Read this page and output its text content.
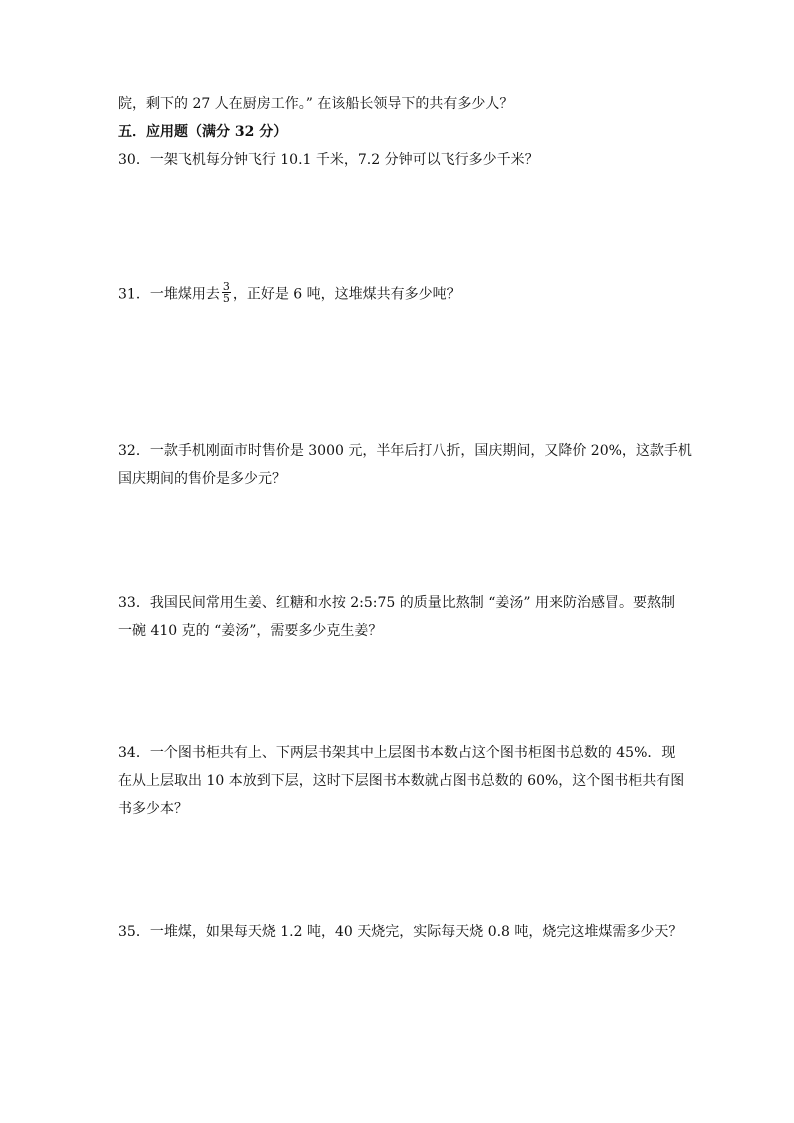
院，剩下的 27 人在厨房工作。” 在该船长领导下的共有多少人？
五．应用题（满分 32 分）
30．一架飞机每分钟飞行 10.1 千米，7.2 分钟可以飞行多少千米？
31．一堆煤用去 $\frac{3}{5}$ ，正好是 6 吨，这堆煤共有多少吨？
32．一款手机刚面市时售价是 3000 元，半年后打八折，国庆期间，又降价 20%，这款手机
国庆期间的售价是多少元？
33．我国民间常用生姜、红糖和水按 2:5:75 的质量比熬制 “姜汤” 用来防治感冒。要熬制
一碗 410 克的 “姜汤”，需要多少克生姜？
34．一个图书柜共有上、下两层书架其中上层图书本数占这个图书柜图书总数的 45%．现
在从上层取出 10 本放到下层，这时下层图书本数就占图书总数的 60%，这个图书柜共有图
书多少本？
35．一堆煤，如果每天烧 1.2 吨，40 天烧完，实际每天烧 0.8 吨，烧完这堆煤需多少天？
